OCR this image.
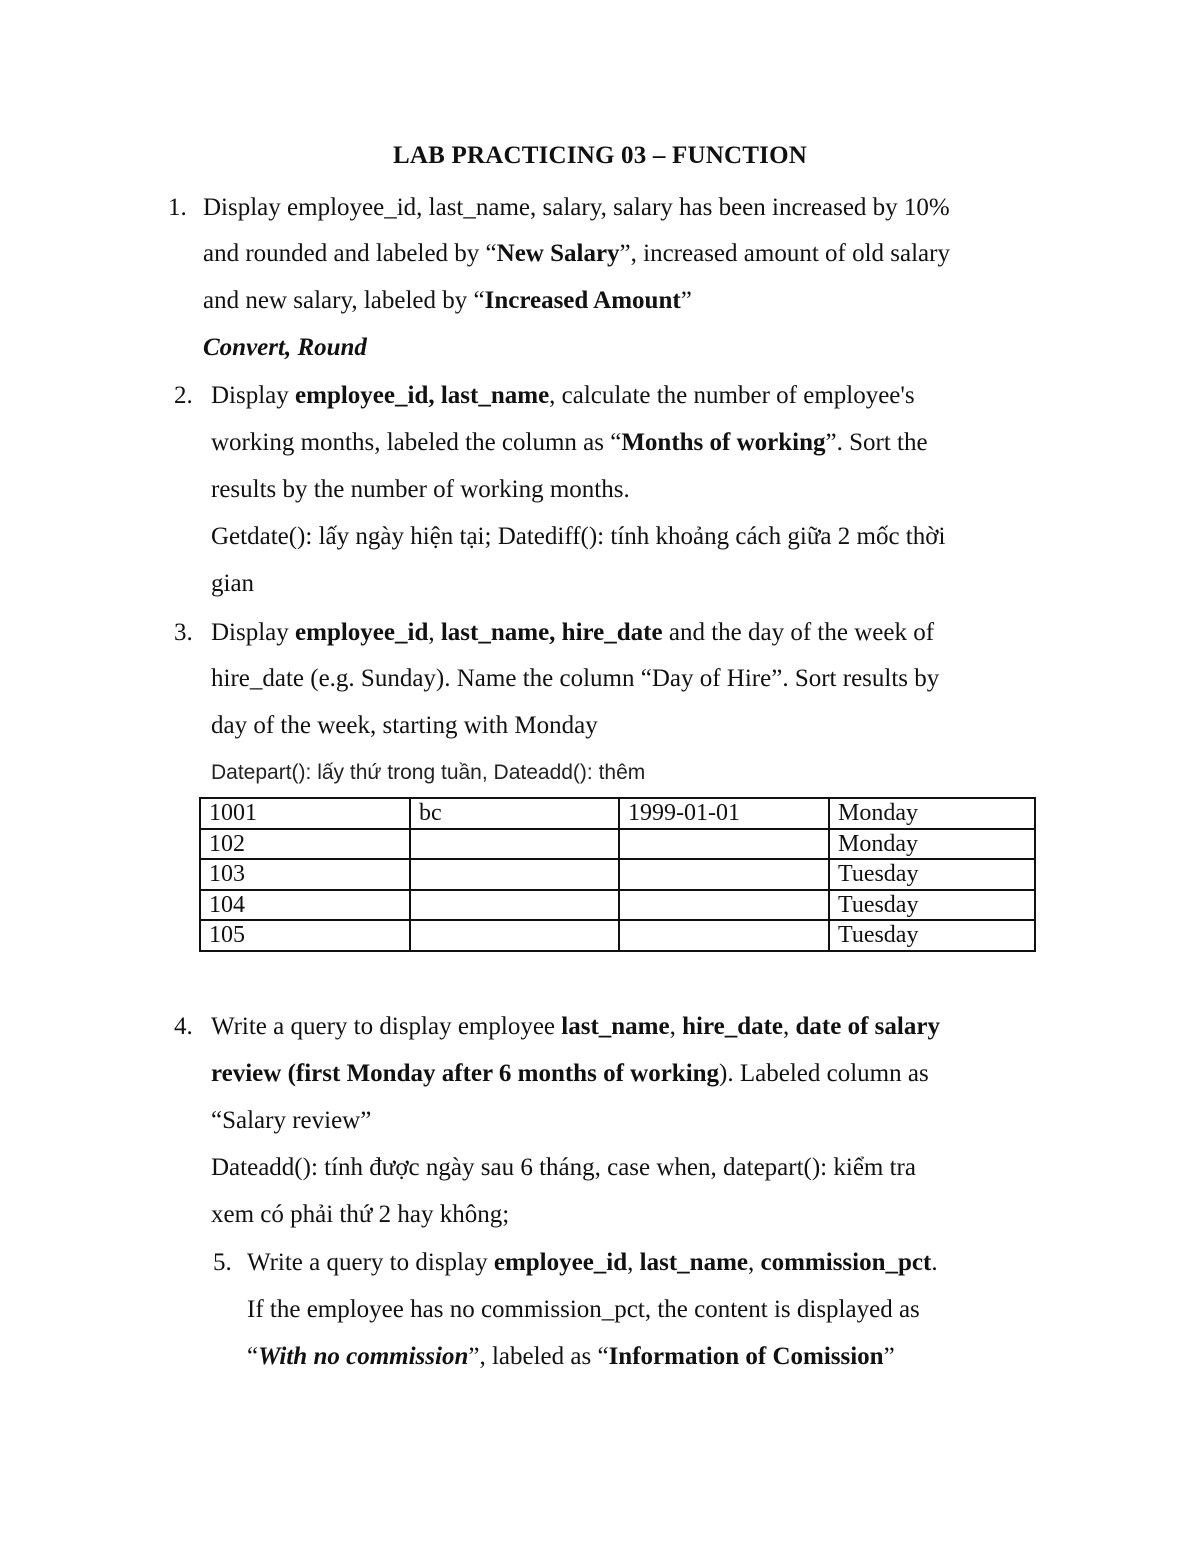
LAB PRACTICING 03 – FUNCTION
1. Display employee_id, last_name, salary, salary has been increased by 10%
and rounded and labeled by “New Salary”, increased amount of old salary
and new salary, labeled by “Increased Amount”
Convert, Round
2. Display employee_id, last_name, calculate the number of employee's
working months, labeled the column as “Months of working”. Sort the
results by the number of working months.
Getdate(): lấy ngày hiện tại; Datediff(): tính khoảng cách giữa 2 mốc thời
gian
3. Display employee_id, last_name, hire_date and the day of the week of
hire_date (e.g. Sunday). Name the column “Day of Hire”. Sort results by
day of the week, starting with Monday
Datepart(): lấy thứ trong tuần, Dateadd(): thêm
1001	bc	1999-01-01	Monday
102			Monday
103			Tuesday
104			Tuesday
105			Tuesday
4. Write a query to display employee last_name, hire_date, date of salary
review (first Monday after 6 months of working). Labeled column as
“Salary review”
Dateadd(): tính được ngày sau 6 tháng, case when, datepart(): kiểm tra
xem có phải thứ 2 hay không;
5. Write a query to display employee_id, last_name, commission_pct.
If the employee has no commission_pct, the content is displayed as
“With no commission”, labeled as “Information of Comission”
